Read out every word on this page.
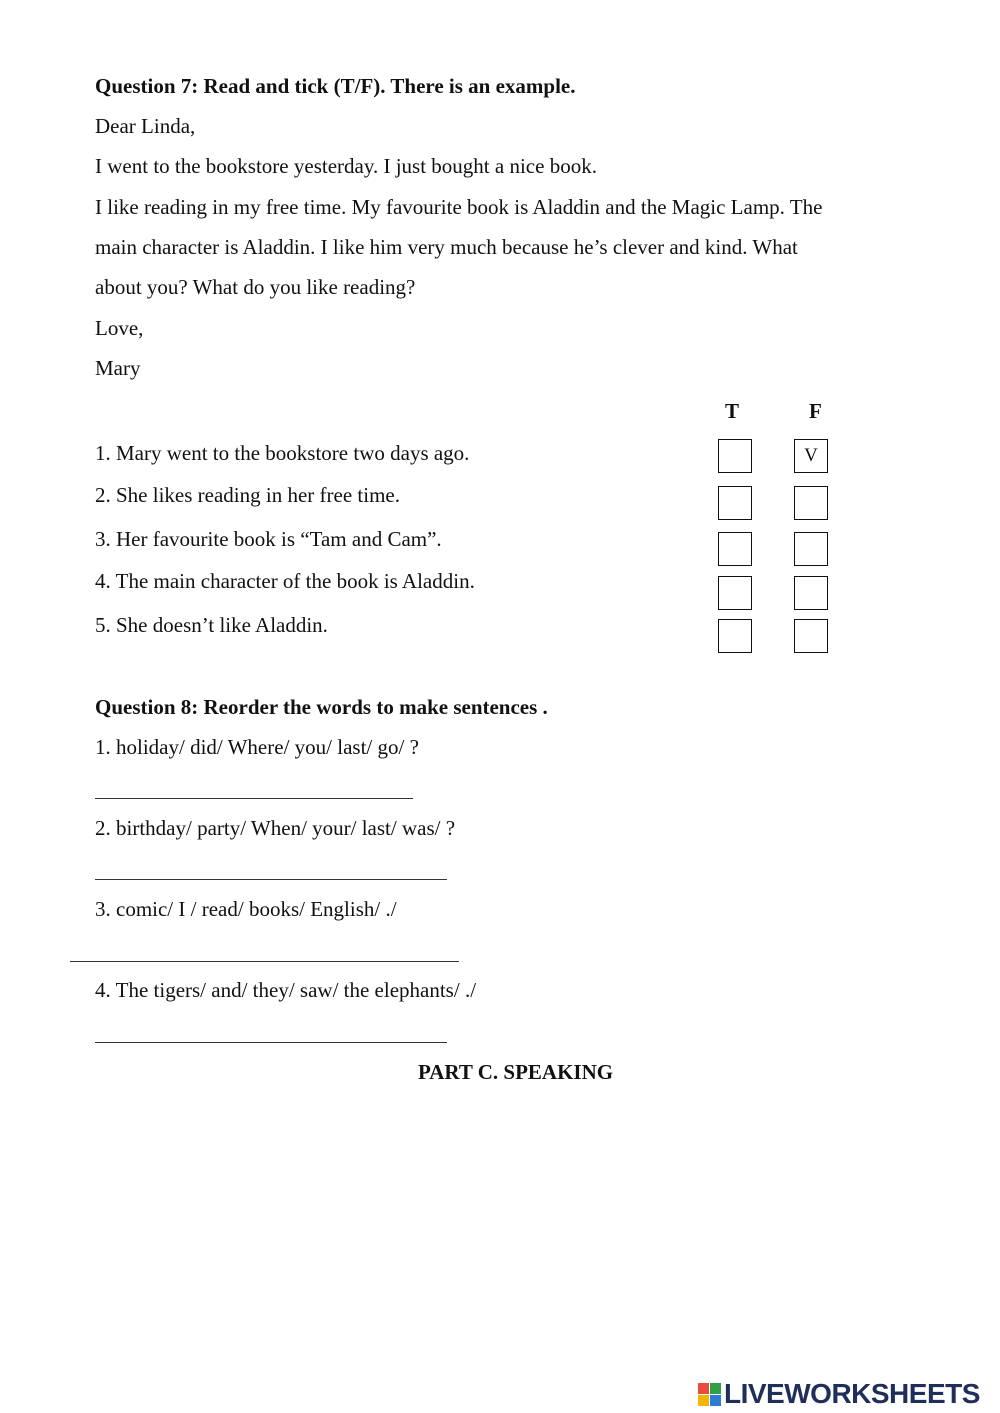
Question 7: Read and tick (T/F). There is an example.
Dear Linda,
I went to the bookstore yesterday. I just bought a nice book.
I like reading in my free time. My favourite book is Aladdin and the Magic Lamp. The
main character is Aladdin. I like him very much because he’s clever and kind. What
about you? What do you like reading?
Love,
Mary
T	F
1. Mary went to the bookstore two days ago.
2. She likes reading in her free time.
3. Her favourite book is “Tam and Cam”.
4. The main character of the book is Aladdin.
5. She doesn’t like Aladdin.
V
Question 8: Reorder the words to make sentences .
1. holiday/ did/ Where/ you/ last/ go/ ?
2. birthday/ party/ When/ your/ last/ was/ ?
3. comic/ I / read/ books/ English/ ./
4. The tigers/ and/ they/ saw/ the elephants/ ./
PART C. SPEAKING
LIVEWORKSHEETS
